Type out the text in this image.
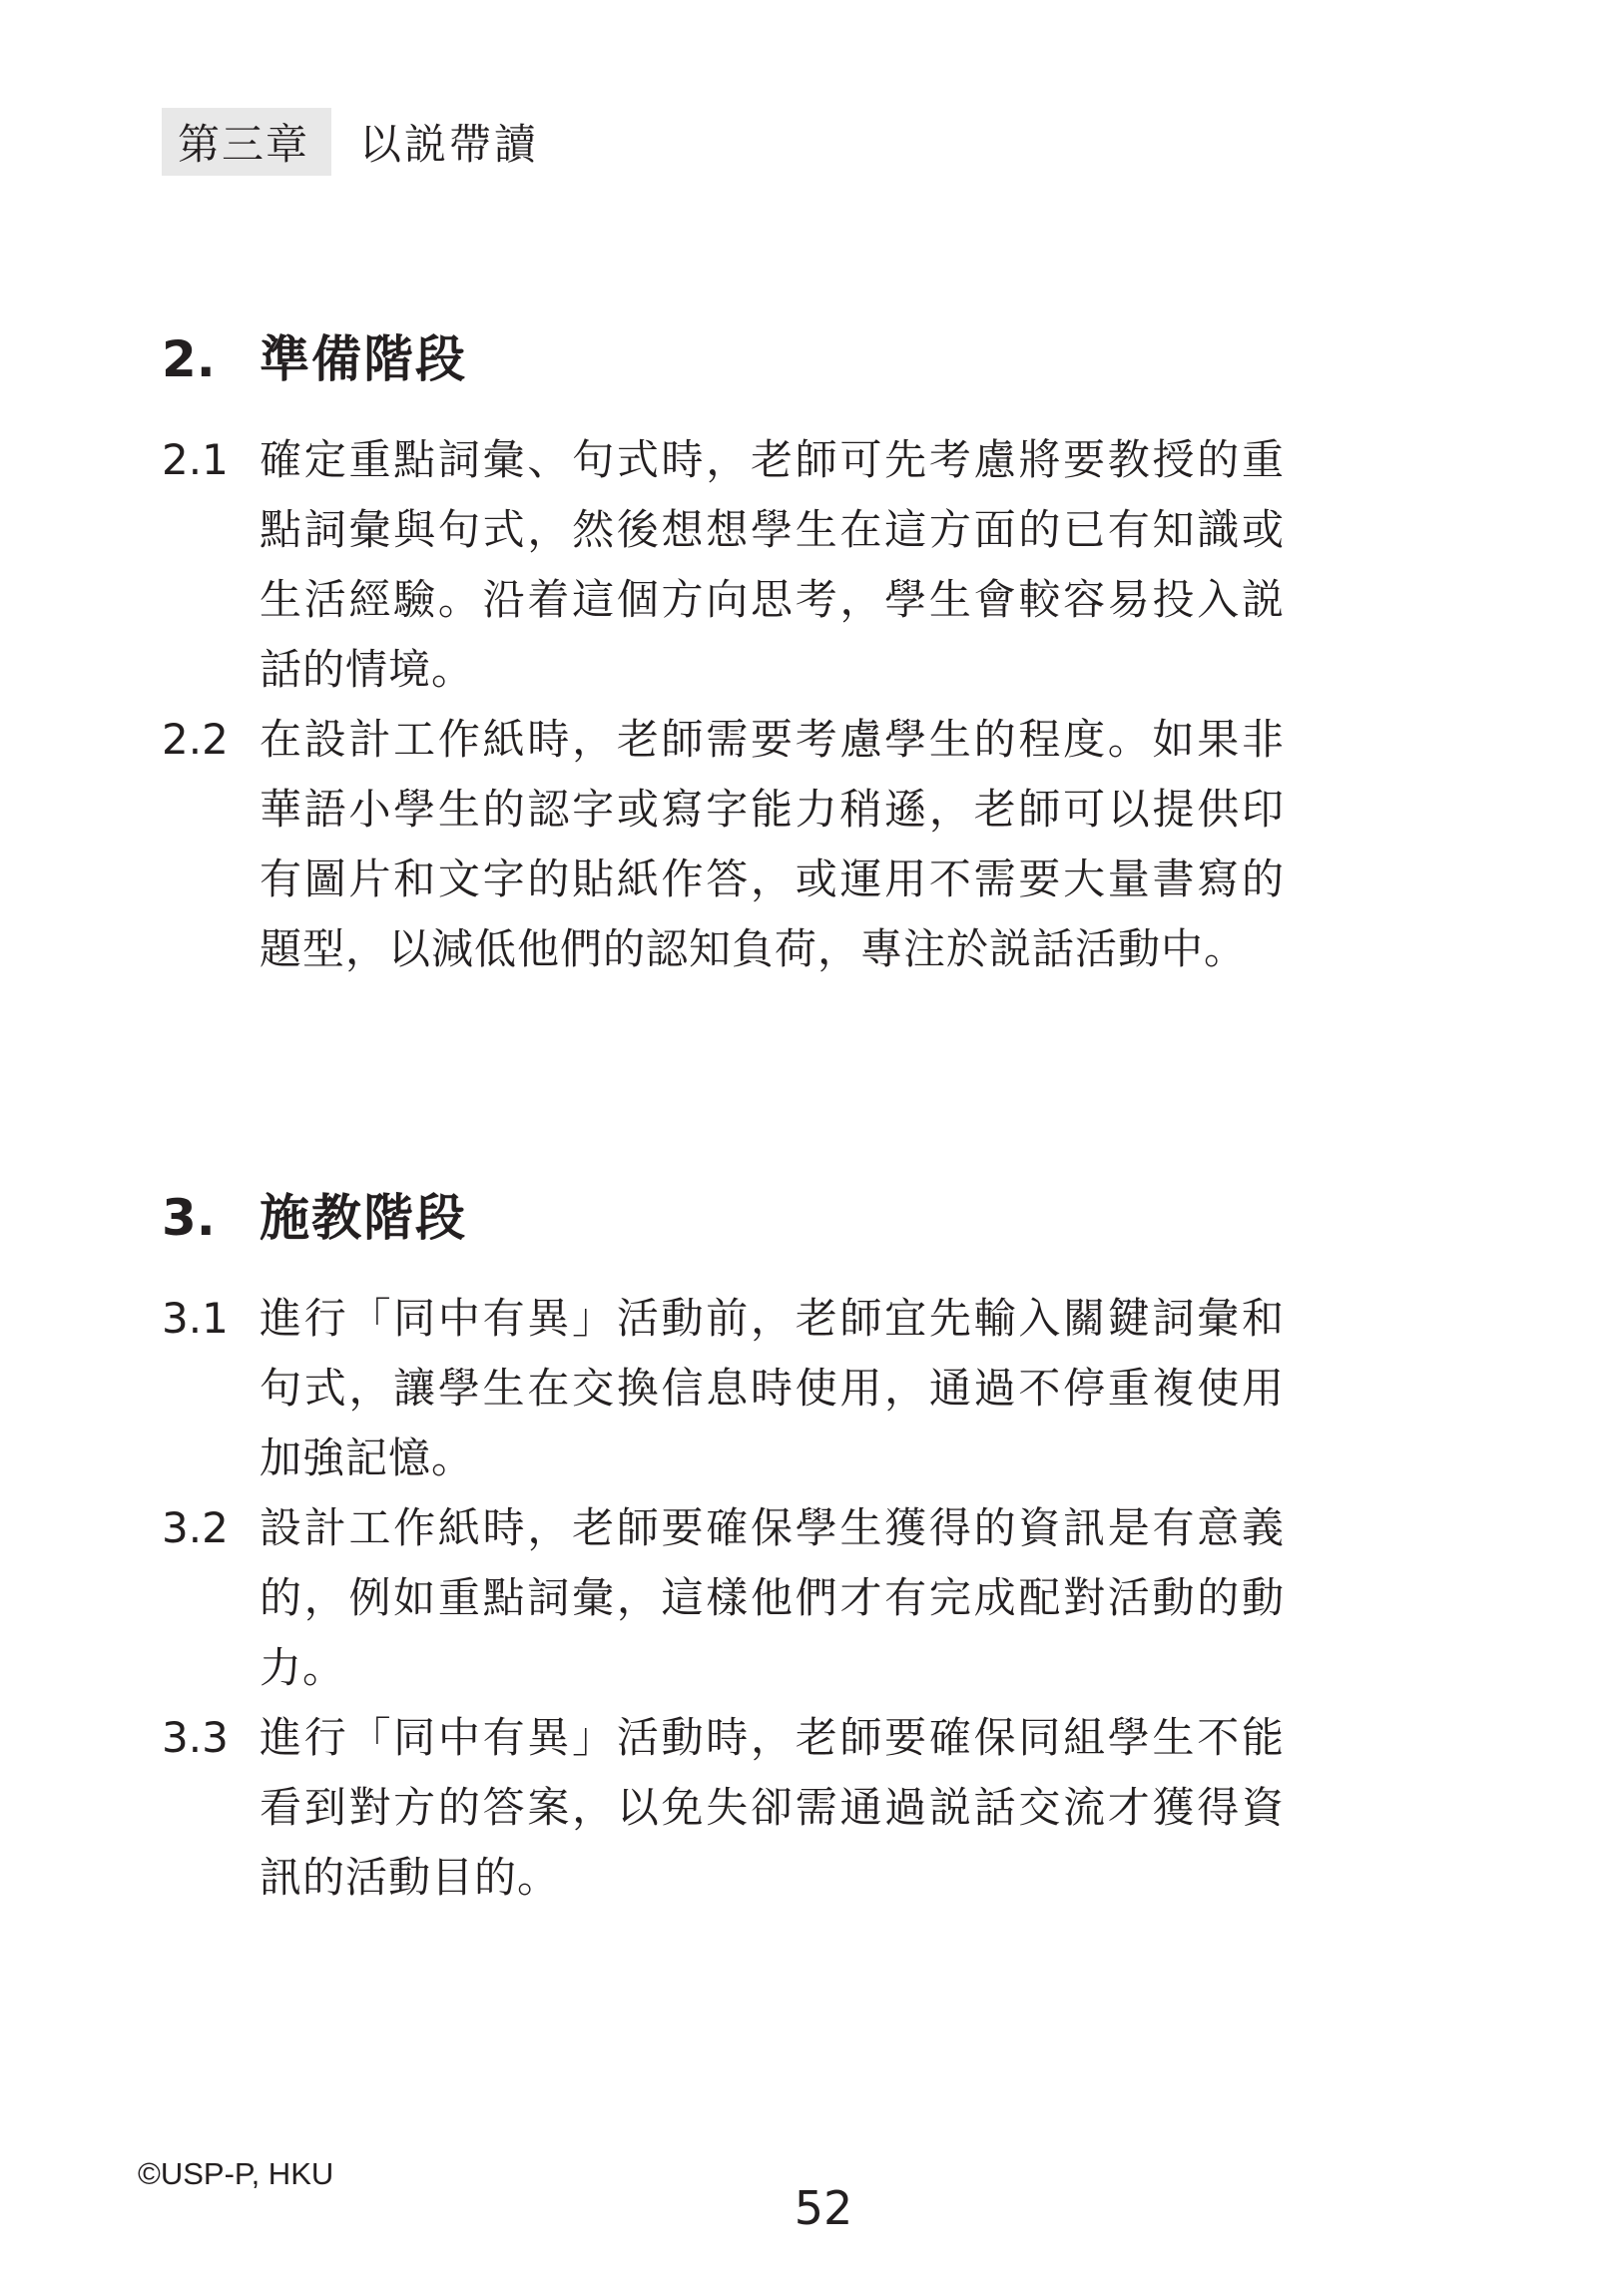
第三章	以説帶讀
2. 準備階段
2.1 確定重點詞彙、句式時，老師可先考慮將要教授的重點詞彙與句式，然後想想學生在這方面的已有知識或生活經驗。沿着這個方向思考，學生會較容易投入説話的情境。
2.2 在設計工作紙時，老師需要考慮學生的程度。如果非華語小學生的認字或寫字能力稍遜，老師可以提供印有圖片和文字的貼紙作答，或運用不需要大量書寫的題型，以減低他們的認知負荷，專注於説話活動中。
3. 施教階段
3.1 進行「同中有異」活動前，老師宜先輸入關鍵詞彙和句式，讓學生在交換信息時使用，通過不停重複使用加強記憶。
3.2 設計工作紙時，老師要確保學生獲得的資訊是有意義的，例如重點詞彙，這樣他們才有完成配對活動的動力。
3.3 進行「同中有異」活動時，老師要確保同組學生不能看到對方的答案，以免失卻需通過説話交流才獲得資訊的活動目的。
©USP-P, HKU
52
